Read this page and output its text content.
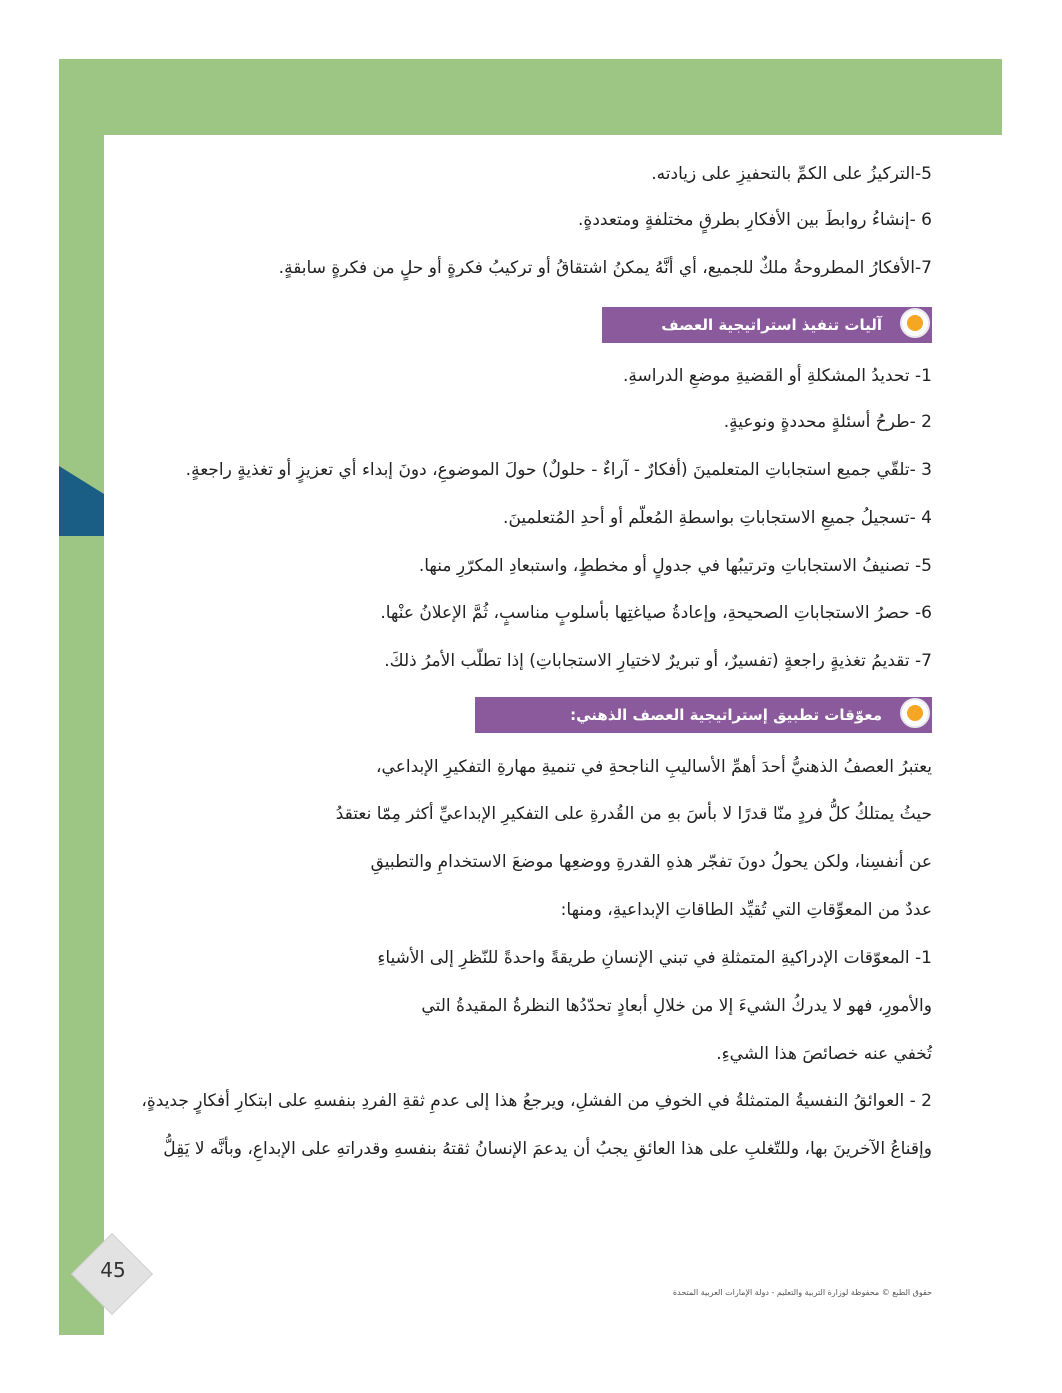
5-التركيزُ على الكمِّ بالتحفيزِ على زيادته.
6 -إنشاءُ روابطَ بين الأفكارِ بطرقٍ مختلفةٍ ومتعددةٍ.
7-الأفكارُ المطروحةُ ملكٌ للجميع، أي أنَّهُ يمكنُ اشتقاقُ أو تركيبُ فكرةٍ أو حلٍ من فكرةٍ سابقةٍ.
آليات تنفيذ استراتيجية العصف الذهني:
1- تحديدُ المشكلةِ أو القضيةِ موضعِ الدراسةِ.
2 -طرحُ أسئلةٍ محددةٍ ونوعيةٍ.
3 -تلقّي جميع استجاباتِ المتعلمينَ (أفكارٌ - آراءٌ - حلولٌ) حولَ الموضوعِ، دونَ إبداء أي تعزيزٍ أو تغذيةٍ راجعةٍ.
4 -تسجيلُ جميعِ الاستجاباتِ بواسطةِ المُعلّم أو أحدِ المُتعلمينَ.
5- تصنيفُ الاستجاباتِ وترتيبُها في جدولٍ أو مخططٍ، واستبعادِ المكرّرِ منها.
6- حصرُ الاستجاباتِ الصحيحةِ، وإعادةُ صياغتِها بأسلوبٍ مناسبٍ، ثُمَّ الإعلانُ عنْها.
7- تقديمُ تغذيةٍ راجعةٍ (تفسيرٌ، أو تبريرٌ لاختيارِ الاستجاباتِ) إذا تطلّب الأمرُ ذلكَ.
معوّقات تطبيق إستراتيجية العصف الذهني:
يعتبرُ العصفُ الذهنيُّ أحدَ أهمِّ الأساليبِ الناجحةِ في تنميةِ مهارةِ التفكيرِ الإبداعي،
حيثُ يمتلكُ كلُّ فردٍ منّا قدرًا لا بأسَ بهِ من القُدرةِ على التفكيرِ الإبداعيِّ أكثر مِمّا نعتقدُ
عن أنفسِنا، ولكن يحولُ دونَ تفجّر هذهِ القدرةِ ووضعِها موضعَ الاستخدامِ والتطبيقِ
عددٌ من المعوِّقاتِ التي تُقيِّد الطاقاتِ الإبداعيةِ، ومنها:
1- المعوّقات الإدراكيةِ المتمثلةِ في تبني الإنسانِ طريقةً واحدةً للنّظرِ إلى الأشياءِ
والأمورِ، فهو لا يدركُ الشيءَ إلا من خلالِ أبعادٍ تحدّدُها النظرةُ المقيدةُ التي
تُخفي عنه خصائصَ هذا الشيءِ.
2 - العوائقُ النفسيةُ المتمثلةُ في الخوفِ من الفشلِ، ويرجعُ هذا إلى عدمِ ثقةِ الفردِ بنفسهِ على ابتكارِ أفكارٍ جديدةٍ،
وإقناعُ الآخرينَ بها، وللتّغلبِ على هذا العائقِ يجبُ أن يدعمَ الإنسانُ ثقتهُ بنفسهِ وقدراتهِ على الإبداعِ، وبأنَّه لا يَقِلُّ
45
حقوق الطبع © محفوظة لوزارة التربية والتعليم - دولة الإمارات العربية المتحدة
